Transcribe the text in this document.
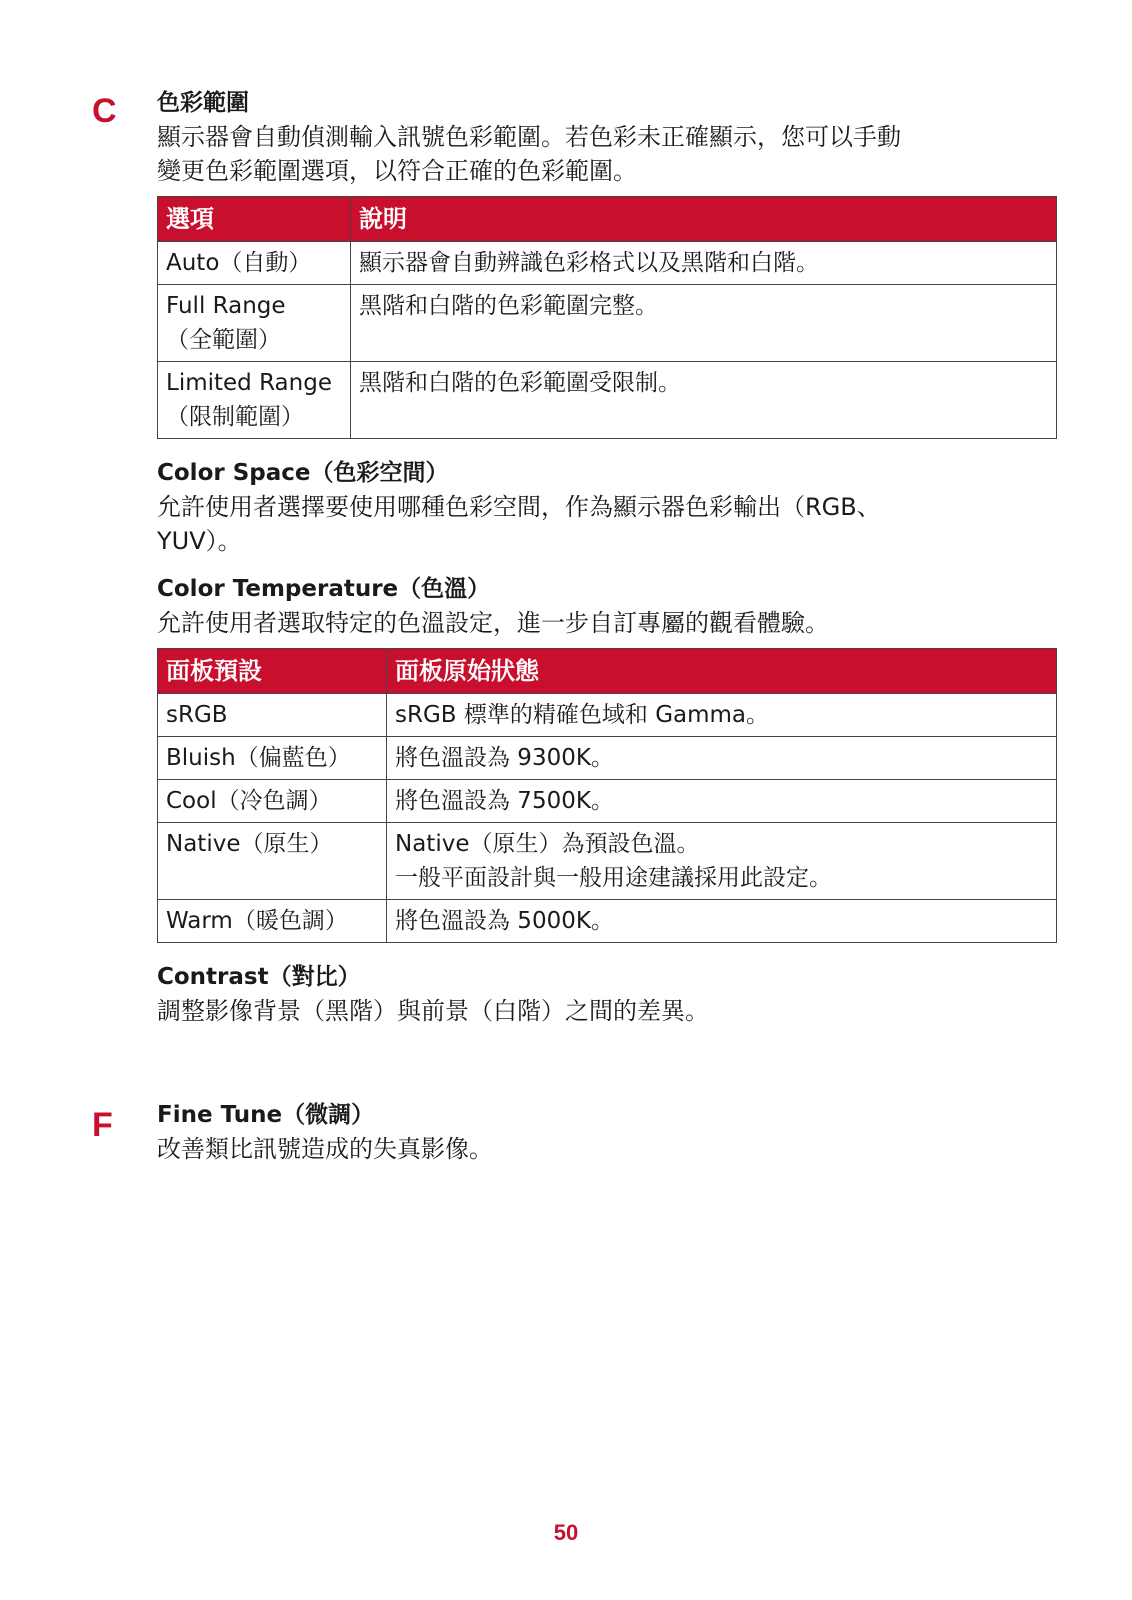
C 色彩範圍
顯示器會自動偵測輸入訊號色彩範圍。若色彩未正確顯示，您可以手動
變更色彩範圍選項，以符合正確的色彩範圍。
選項	說明

Auto（自動）	顯示器會自動辨識色彩格式以及黑階和白階。

Full Range
（全範圍）	黑階和白階的色彩範圍完整。

Limited Range
（限制範圍）	黑階和白階的色彩範圍受限制。
Color Space（色彩空間）
允許使用者選擇要使用哪種色彩空間，作為顯示器色彩輸出（RGB、
YUV）。
Color Temperature（色溫）
允許使用者選取特定的色溫設定，進一步自訂專屬的觀看體驗。
面板預設	面板原始狀態

sRGB	sRGB 標準的精確色域和 Gamma。

Bluish（偏藍色）	將色溫設為 9300K。

Cool（冷色調）	將色溫設為 7500K。

Native（原生）	Native（原生）為預設色溫。
一般平面設計與一般用途建議採用此設定。

Warm（暖色調）	將色溫設為 5000K。
Contrast（對比）
調整影像背景（黑階）與前景（白階）之間的差異。
F Fine Tune（微調）
改善類比訊號造成的失真影像。
50
